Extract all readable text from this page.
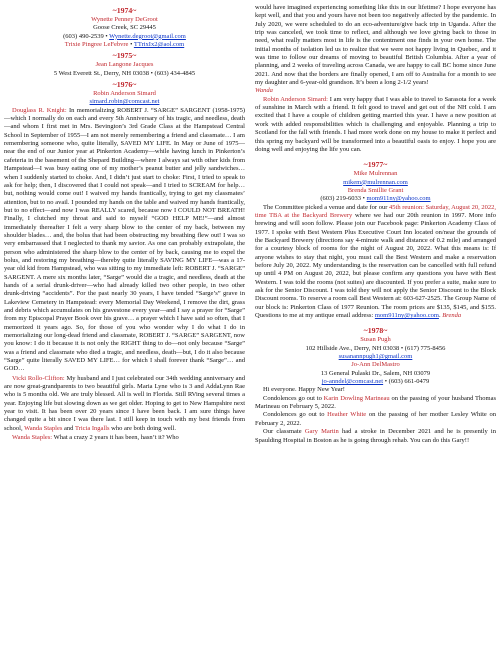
~1974~
Wynette Penney DeGroot
Goose Creek, SC 29445
(603) 490-2539 • Wynette.degroot@gmail.com
Trixie Pingree LeFebvre • TTrixIx2@aol.com
~1975~
Jean Langone Jacques
5 West Everett St., Derry, NH 03038 • (603) 434-4845
~1976~
Robin Anderson Simard
simard.robin@comcast.net

Douglass R. Knight: In memorializing ROBERT J. “SARGE” SARGENT (1958-1975)—which I normally do on each and every 5th Anniversary of his tragic, and needless, death—and whom I first met in Mrs. Bevington’s 3rd Grade Class at the Hampstead Central School in September of 1955—I am not merely remembering a friend and classmate… I am remembering someone who, quite literally, SAVED MY LIFE. In May or June of 1975—near the end of our Junior year at Pinkerton Academy—while having lunch in Pinkerton’s cafeteria in the basement of the Shepard Building—where I always sat with other kids from Hampstead—I was busy eating one of my mother’s peanut butter and jelly sandwiches… when I suddenly started to choke. And, I didn’t just start to choke: First, I tried to speak to ask for help; then, I discovered that I could not speak—and I tried to SCREAM for help… but, nothing would come out! I waived my hands frantically, trying to get my classmates’ attention, but to no avail. I pounded my hands on the table and waived my hands frantically, but to no effect—and now I was REALLY scared, because now I COULD NOT BREATH! Finally, I clutched my throat and said to myself “GOD HELP ME!”—and almost immediately thereafter I felt a very sharp blow to the center of my back, between my shoulder blades… and, the bolus that had been obstructing my breathing flew out! I was so very embarrassed that I neglected to thank my savior. As one can probably extrapolate, the person who administered the sharp blow to the center of by back, causing me to expel the bolus, and restoring my breathing—thereby quite literally SAVING MY LIFE—was a 17-year old kid from Hampstead, who was sitting to my immediate left: ROBERT J. “SARGE” SARGENT. A mere six months later, “Sarge” would die a tragic, and needless, death at the hands of a serial drunk-driver—who had already killed two other people, in two other drunk-driving “accidents”. For the past nearly 30 years, I have tended “Sarge’s” grave in Lakeview Cemetery in Hampstead: every Memorial Day Weekend, I remove the dirt, grass and debris which accumulates on his gravestone every year—and I say a prayer for “Sarge” from my Episcopal Prayer Book over his grave… a prayer which I have said so often, that I memorized it years ago. So, for those of you who wonder why I do what I do in memorializing our long-dead friend and classmate, ROBERT J. “SARGE” SARGENT, now you know: I do it because it is not only the RIGHT thing to do—not only because “Sarge” was a friend and classmate who died a tragic, and needless, death—but, I do it also because “Sarge” quite literally SAVED MY LIFE… for which I shall forever thank “Sarge”… and GOD…

Vicki Rollo-Clifton: My husband and I just celebrated our 34th wedding anniversary and are now great-grandparents to two beautiful girls. Maria Lyne who is 3 and AddaLynn Rae who is 5 months old. We are truly blessed. All is well in Florida. Still RVing several times a year. Enjoying life but slowing down as we get older. Hoping to get to New Hampshire next year to visit. It has been over 20 years since I have been back. I am sure things have changed quite a bit since I was there last. I still keep in touch with my best friends from school, Wanda Staples and Tricia Ingalls who are both doing well.

Wanda Staples: What a crazy 2 years it has been, hasn’t it? Who

would have imagined experiencing something like this in our lifetime? I hope everyone has kept well, and that you and yours have not been too negatively affected by the pandemic. In July 2020, we were scheduled to do an eco-adventure/give back trip in Uganda. After the trip was canceled, we took time to reflect, and although we love giving back to those in need, what really matters most in life is the contentment one finds in your own home. The initial months of isolation led us to realize that we were not happy living in Quebec, and it was time to follow our dreams of moving to beautiful British Columbia. After a year of planning, and 2 weeks of traveling across Canada, we are happy to call BC home since June 2021. And now that the borders are finally opened, I am off to Australia for a month to see my daughter and 6-year-old grandson. It’s been a long 2-1/2 years!

Wanda

Robin Anderson Simard: I am very happy that I was able to travel to Sarasota for a week of sunshine in March with a friend. It felt good to travel and get out of the NH cold. I am excited that I have a couple of children getting married this year. I have a new position at work with added responsibilities which is challenging and enjoyable. Planning a trip to Scotland for the fall with friends. I had more work done on my house to make it perfect and this spring my backyard will be transformed into a beautiful oasis to enjoy. I hope you are doing well and enjoying the life you can.

~1977~
Mike Mulrennan
mikem@mulrennan.com
Brenda Smillie Grant
(603) 219-6033 • mom911ny@yahoo.com

The Committee picked a venue and date for our 45th reunion: Saturday, August 20, 2022, time TBA at the Backyard Brewery where we had our 20th reunion in 1997. More info brewing and will soon follow. Please join our Facebook page: Pinkerton Academy Class of 1977. I spoke with Best Western Plus Executive Court Inn located on/near the grounds of the Backyard Brewery (directions say 4-minute walk and distance of 0.2 mile) and arranged for a courtesy block of rooms for the night of August 20, 2022. What this means is: If anyone wishes to stay that night, you must call the Best Western and make a reservation before July 20, 2022. My understanding is the reservation can be cancelled with full refund up until 4 PM on August 20, 2022, but please confirm any questions you have with Best Western. I was told the rooms (not suites) are discounted. If you prefer a suite, make sure to ask for the Senior Discount. I was told they will not apply the Senior Discount to the Block Discount rooms. To reserve a room call Best Western at: 603-627-2525. The Group Name of our block is: Pinkerton Class of 1977 Reunion. The room prices are $135, $145, and $155. Questions to me at my antique email address: mom911ny@yahoo.com. Brenda

~1978~
Susan Pugh
102 Hillside Ave., Derry, NH 03038 • (617) 775-8456
susanannpugh1@gmail.com
Jo-Ann DelMastro
13 General Pulaski Dr., Salem, NH 03079
jo-anndel@comcast.net • (603) 661-0479

Hi everyone. Happy New Year!

Condolences go out to Karin Dowling Marineau on the passing of your husband Thomas Marineau on February 5, 2022.

Condolences go out to Heather White on the passing of her mother Lesley White on February 2, 2022.

Our classmate Gary Martin had a stroke in December 2021 and he is presently in Spaulding Hospital in Boston as he is going through rehab. You can do this Gary!!
